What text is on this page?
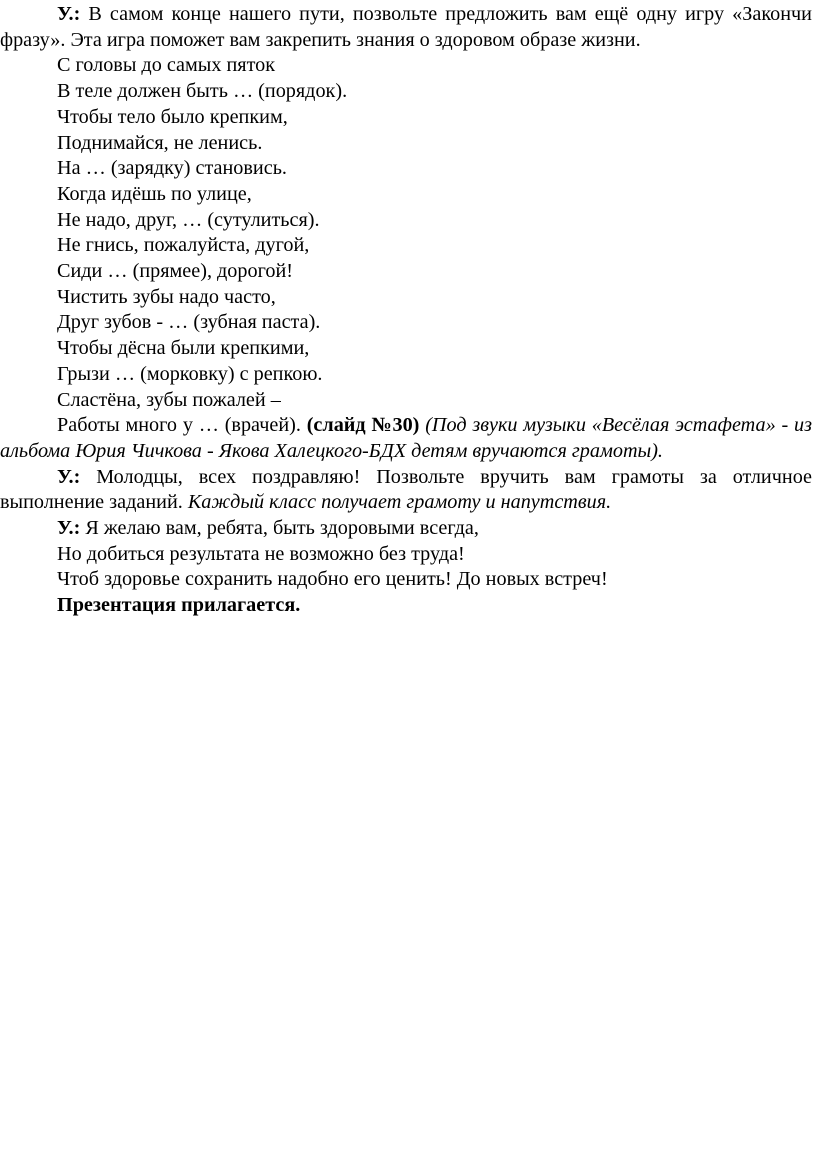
У.: В самом конце нашего пути, позвольте предложить вам ещё одну игру «Закончи фразу». Эта игра поможет вам закрепить знания о здоровом образе жизни.

С головы до самых пяток

В теле должен быть … (порядок).

Чтобы тело было крепким,

Поднимайся, не ленись.

На … (зарядку) становись.

Когда идёшь по улице,

Не надо, друг, … (сутулиться).

Не гнись, пожалуйста, дугой,

Сиди … (прямее), дорогой!

Чистить зубы надо часто,

Друг зубов - … (зубная паста).

Чтобы дёсна были крепкими,

Грызи … (морковку) с репкою.

Сластёна, зубы пожалей –

Работы много у … (врачей). (слайд №30) (Под звуки музыки «Весёлая эстафета» - из альбома Юрия Чичкова - Якова Халецкого-БДХ детям вручаются грамоты).

У.: Молодцы, всех поздравляю! Позвольте вручить вам грамоты за отличное выполнение заданий. Каждый класс получает грамоту и напутствия.

У.: Я желаю вам, ребята, быть здоровыми всегда,

Но добиться результата не возможно без труда!

Чтоб здоровье сохранить надобно его ценить! До новых встреч!

Презентация прилагается.
